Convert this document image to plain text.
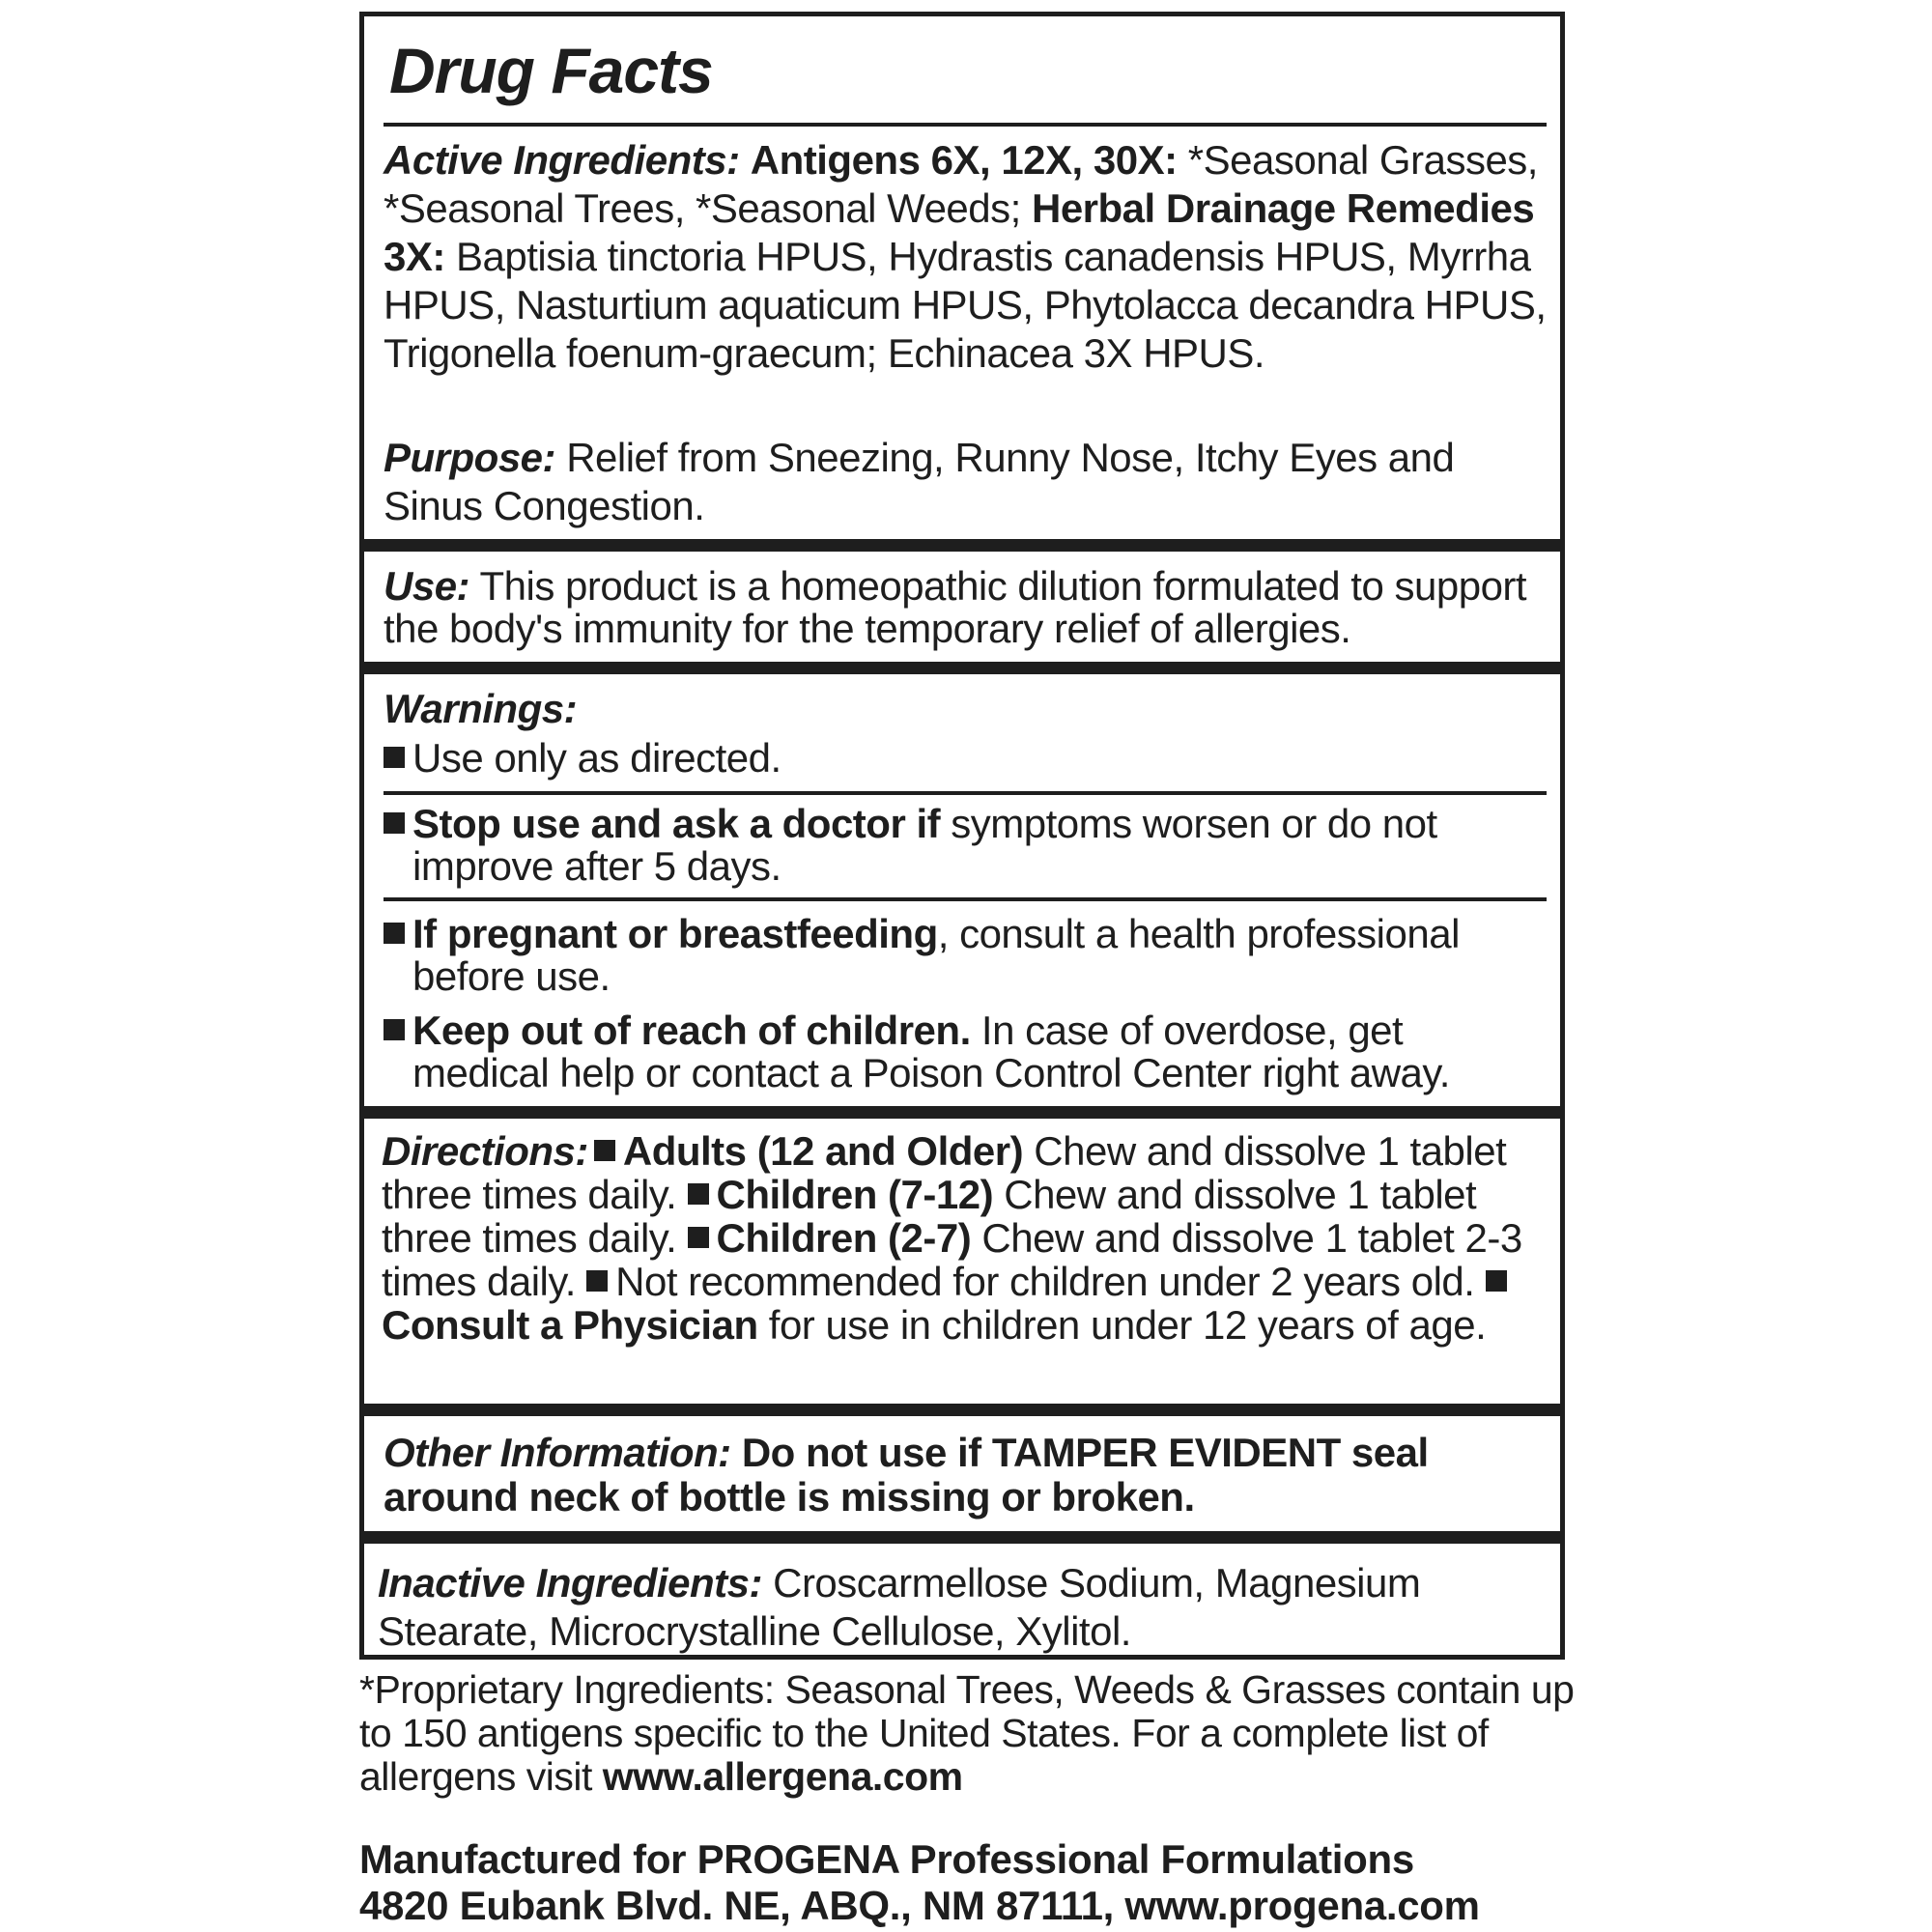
Drug Facts

Active Ingredients: Antigens 6X, 12X, 30X: *Seasonal Grasses, *Seasonal Trees, *Seasonal Weeds; Herbal Drainage Remedies 3X: Baptisia tinctoria HPUS, Hydrastis canadensis HPUS, Myrrha HPUS, Nasturtium aquaticum HPUS, Phytolacca decandra HPUS, Trigonella foenum-graecum; Echinacea 3X HPUS.

Purpose: Relief from Sneezing, Runny Nose, Itchy Eyes and Sinus Congestion.

Use: This product is a homeopathic dilution formulated to support the body's immunity for the temporary relief of allergies.

Warnings:

Use only as directed.

Stop use and ask a doctor if symptoms worsen or do not improve after 5 days.

If pregnant or breastfeeding, consult a health professional before use.

Keep out of reach of children. In case of overdose, get medical help or contact a Poison Control Center right away.

Directions: Adults (12 and Older) Chew and dissolve 1 tablet three times daily. Children (7-12) Chew and dissolve 1 tablet three times daily. Children (2-7) Chew and dissolve 1 tablet 2-3 times daily. Not recommended for children under 2 years old. Consult a Physician for use in children under 12 years of age.

Other Information: Do not use if TAMPER EVIDENT seal around neck of bottle is missing or broken.

Inactive Ingredients: Croscarmellose Sodium, Magnesium Stearate, Microcrystalline Cellulose, Xylitol.

*Proprietary Ingredients: Seasonal Trees, Weeds & Grasses contain up to 150 antigens specific to the United States. For a complete list of allergens visit www.allergena.com

Manufactured for PROGENA Professional Formulations

4820 Eubank Blvd. NE, ABQ., NM 87111, www.progena.com
